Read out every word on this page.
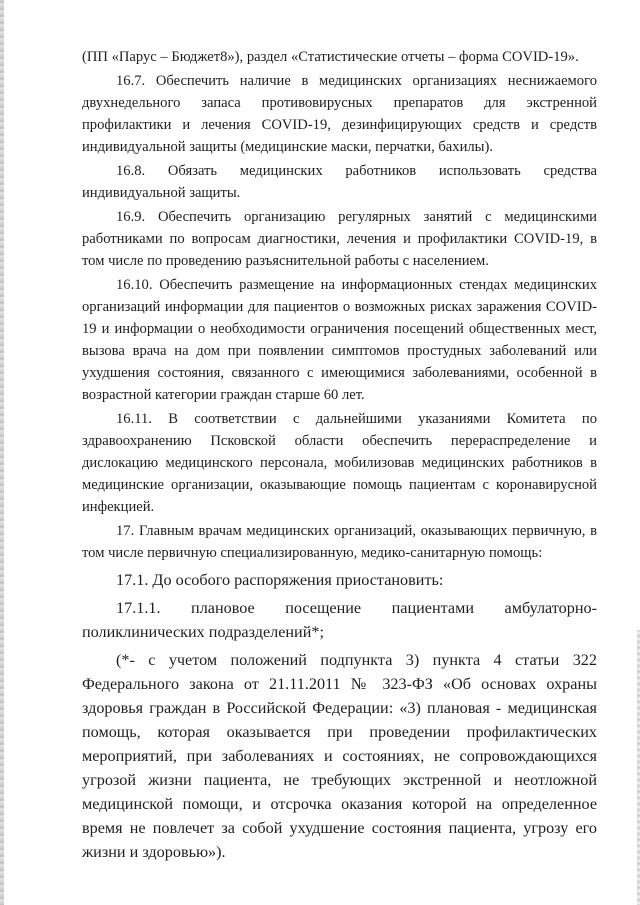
(ПП «Парус – Бюджет8»), раздел «Статистические отчеты – форма COVID-19».

16.7. Обеспечить наличие в медицинских организациях неснижаемого двухнедельного запаса противовирусных препаратов для экстренной профилактики и лечения COVID-19, дезинфицирующих средств и средств индивидуальной защиты (медицинские маски, перчатки, бахилы).

16.8. Обязать медицинских работников использовать средства индивидуальной защиты.

16.9. Обеспечить организацию регулярных занятий с медицинскими работниками по вопросам диагностики, лечения и профилактики COVID-19, в том числе по проведению разъяснительной работы с населением.

16.10. Обеспечить размещение на информационных стендах медицинских организаций информации для пациентов о возможных рисках заражения COVID-19 и информации о необходимости ограничения посещений общественных мест, вызова врача на дом при появлении симптомов простудных заболеваний или ухудшения состояния, связанного с имеющимися заболеваниями, особенной в возрастной категории граждан старше 60 лет.

16.11. В соответствии с дальнейшими указаниями Комитета по здравоохранению Псковской области обеспечить перераспределение и дислокацию медицинского персонала, мобилизовав медицинских работников в медицинские организации, оказывающие помощь пациентам с коронавирусной инфекцией.

17. Главным врачам медицинских организаций, оказывающих первичную, в том числе первичную специализированную, медико-санитарную помощь:

17.1. До особого распоряжения приостановить:

17.1.1. плановое посещение пациентами амбулаторно-поликлинических подразделений*;

(*- с учетом положений подпункта 3) пункта 4 статьи 322 Федерального закона от 21.11.2011 № 323-ФЗ «Об основах охраны здоровья граждан в Российской Федерации: «3) плановая - медицинская помощь, которая оказывается при проведении профилактических мероприятий, при заболеваниях и состояниях, не сопровождающихся угрозой жизни пациента, не требующих экстренной и неотложной медицинской помощи, и отсрочка оказания которой на определенное время не повлечет за собой ухудшение состояния пациента, угрозу его жизни и здоровью»).
